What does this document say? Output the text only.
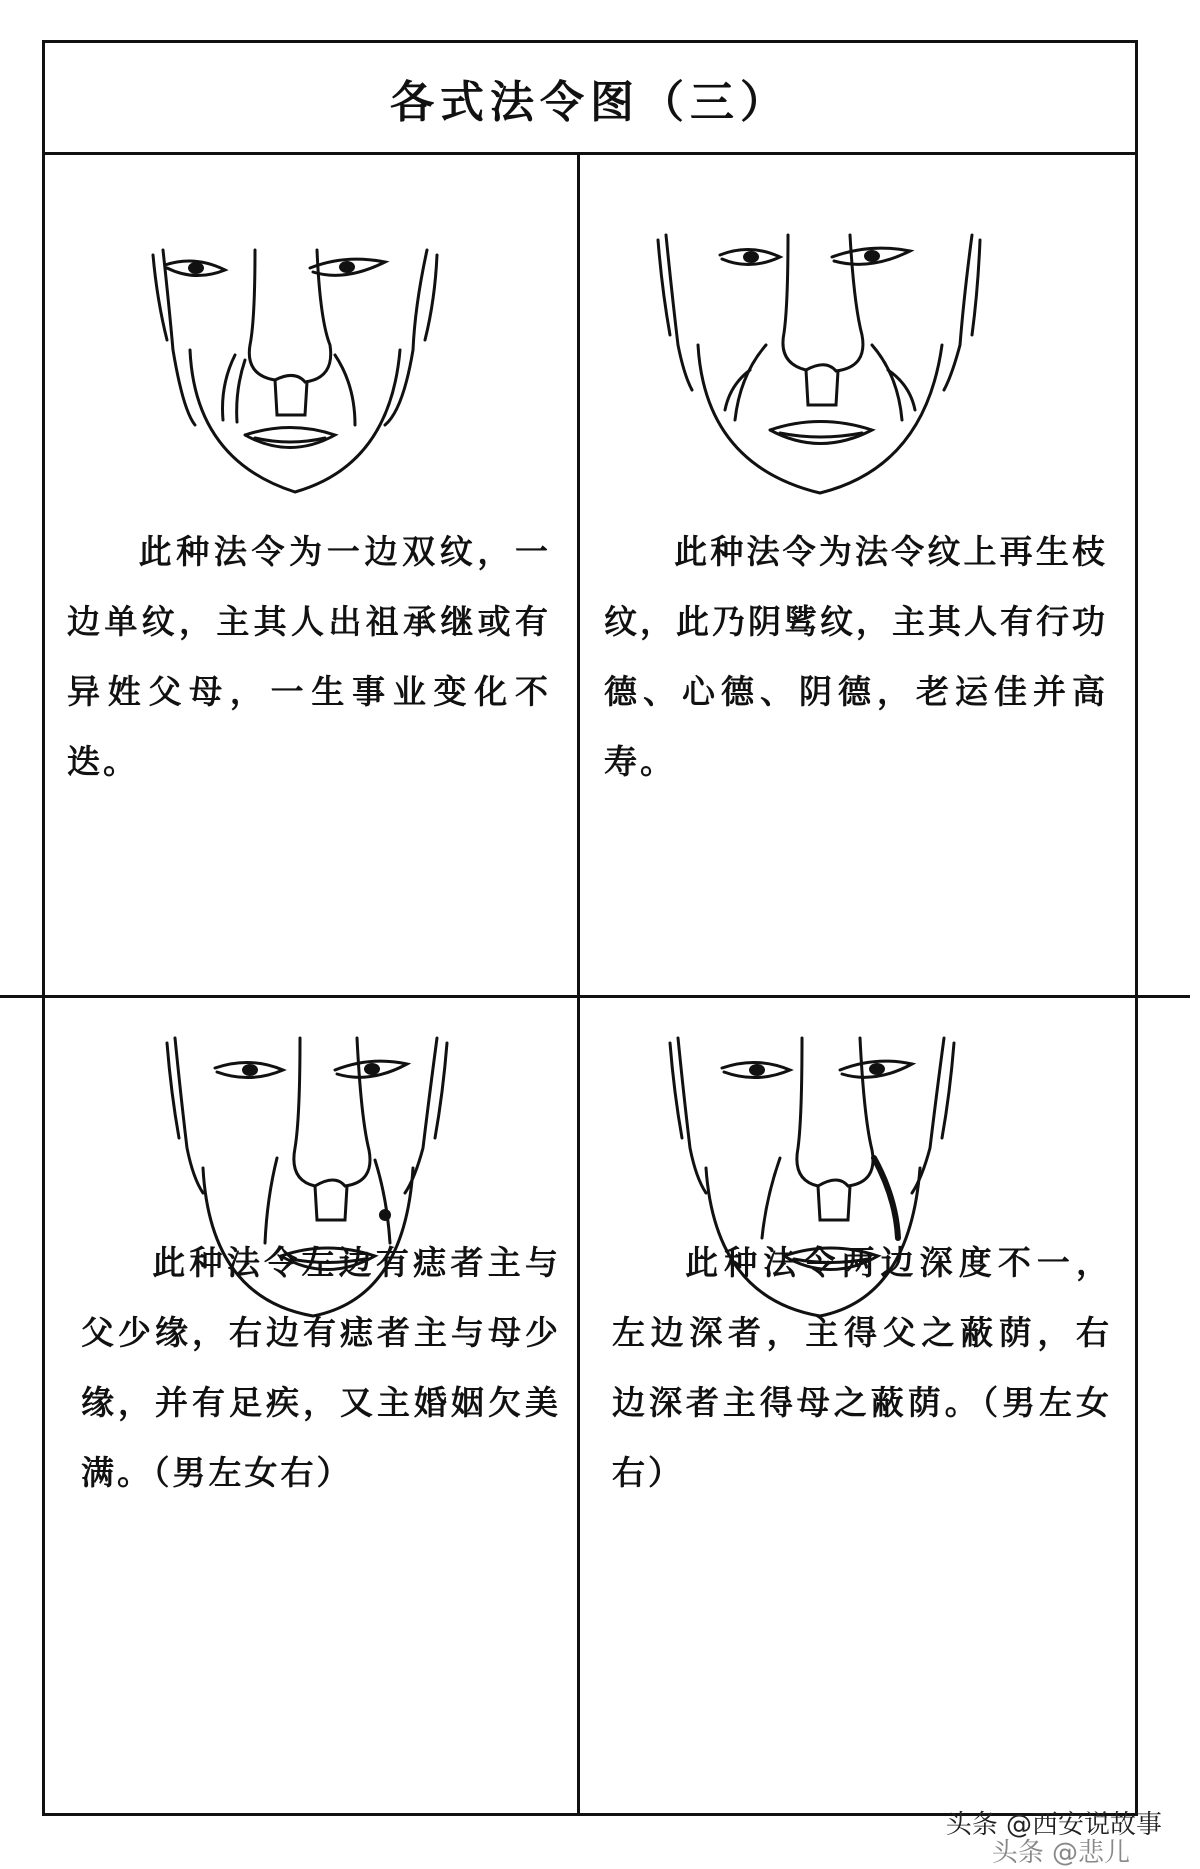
各式法令图（三）

此种法令为一边双纹，一边单纹，主其人出祖承继或有异姓父母，一生事业变化不迭。

此种法令为法令纹上再生枝纹，此乃阴骘纹，主其人有行功德、心德、阴德，老运佳并高寿。

此种法令左边有痣者主与父少缘，右边有痣者主与母少缘，并有足疾，又主婚姻欠美满。（男左女右）

此种法令两边深度不一，左边深者，主得父之蔽荫，右边深者主得母之蔽荫。（男左女右）

头条 @西安说故事
头条 @悲儿
